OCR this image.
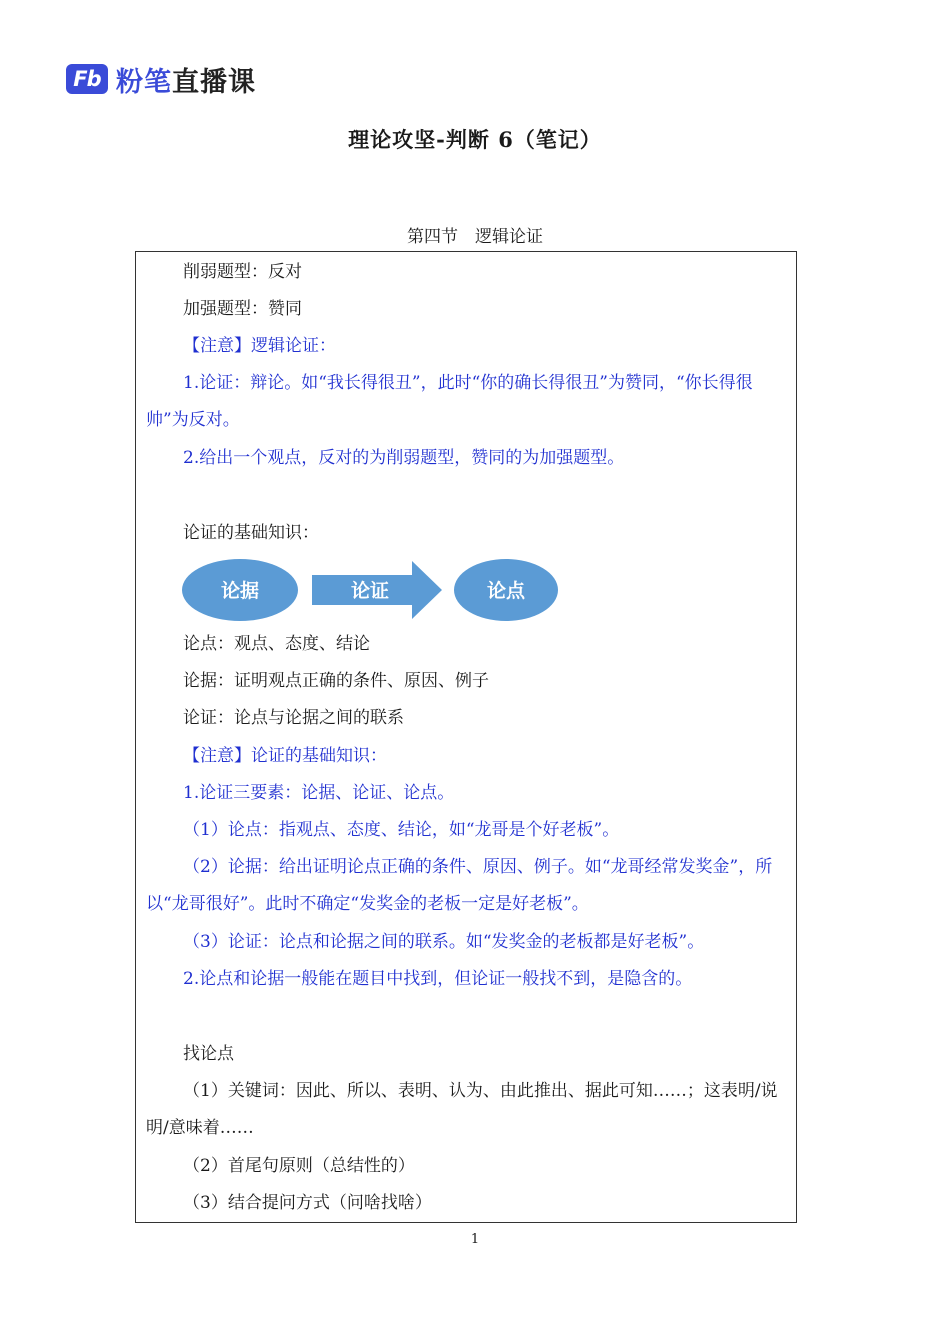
Fb 粉笔直播课
理论攻坚-判断 6（笔记）
第四节　逻辑论证

削弱题型：反对

加强题型：赞同

【注意】逻辑论证：

1.论证：辩论。如“我长得很丑”，此时“你的确长得很丑”为赞同，“你长得很帅”为反对。

2.给出一个观点，反对的为削弱题型，赞同的为加强题型。

论证的基础知识：

论据	论证	论点

论点：观点、态度、结论

论据：证明观点正确的条件、原因、例子

论证：论点与论据之间的联系

【注意】论证的基础知识：

1.论证三要素：论据、论证、论点。

（1）论点：指观点、态度、结论，如“龙哥是个好老板”。

（2）论据：给出证明论点正确的条件、原因、例子。如“龙哥经常发奖金”，所以“龙哥很好”。此时不确定“发奖金的老板一定是好老板”。

（3）论证：论点和论据之间的联系。如“发奖金的老板都是好老板”。

2.论点和论据一般能在题目中找到，但论证一般找不到，是隐含的。

找论点

（1）关键词：因此、所以、表明、认为、由此推出、据此可知……；这表明/说明/意味着……

（2）首尾句原则（总结性的）

（3）结合提问方式（问啥找啥）

1
